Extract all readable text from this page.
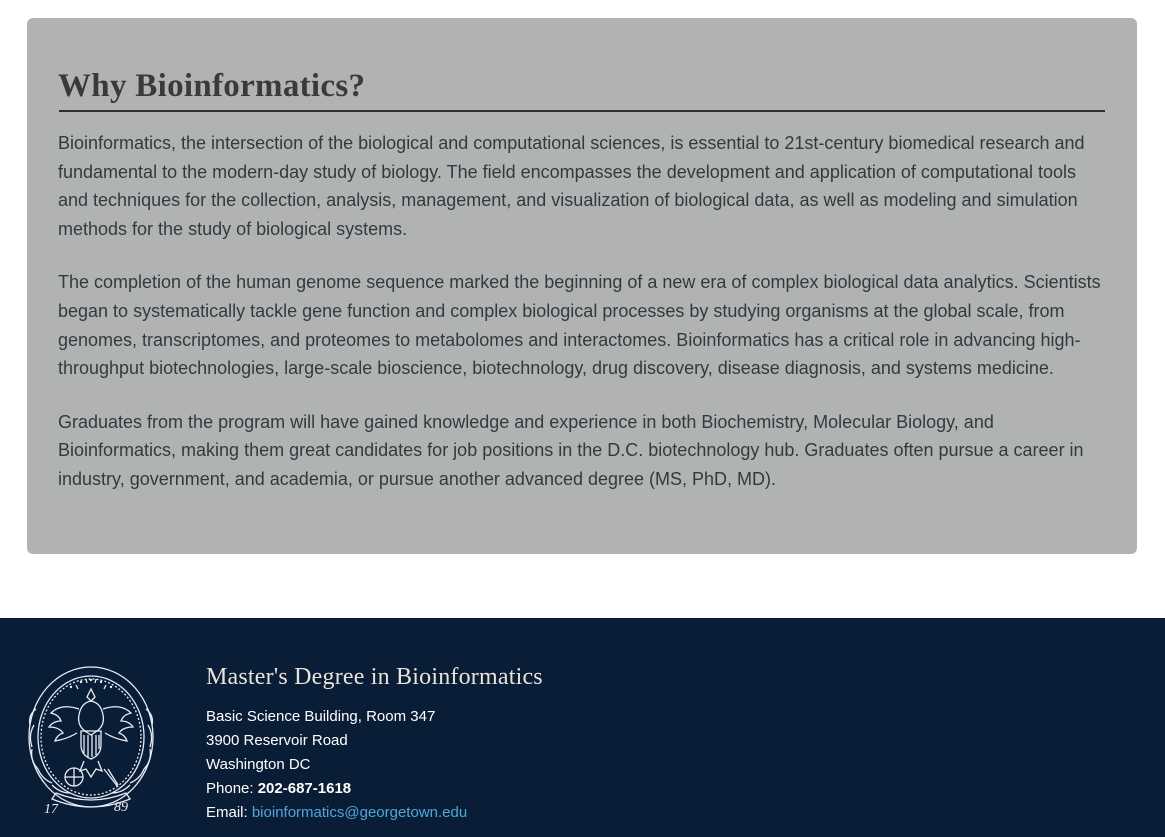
Why Bioinformatics?

Bioinformatics, the intersection of the biological and computational sciences, is essential to 21st-century biomedical research and fundamental to the modern-day study of biology. The field encompasses the development and application of computational tools and techniques for the collection, analysis, management, and visualization of biological data, as well as modeling and simulation methods for the study of biological systems.

The completion of the human genome sequence marked the beginning of a new era of complex biological data analytics. Scientists began to systematically tackle gene function and complex biological processes by studying organisms at the global scale, from genomes, transcriptomes, and proteomes to metabolomes and interactomes. Bioinformatics has a critical role in advancing high-throughput biotechnologies, large-scale bioscience, biotechnology, drug discovery, disease diagnosis, and systems medicine.

Graduates from the program will have gained knowledge and experience in both Biochemistry, Molecular Biology, and Bioinformatics, making them great candidates for job positions in the D.C. biotechnology hub. Graduates often pursue a career in industry, government, and academia, or pursue another advanced degree (MS, PhD, MD).

17	89
Master's Degree in Bioinformatics
Basic Science Building, Room 347
3900 Reservoir Road
Washington DC
Phone: 202-687-1618
Email: bioinformatics@georgetown.edu
